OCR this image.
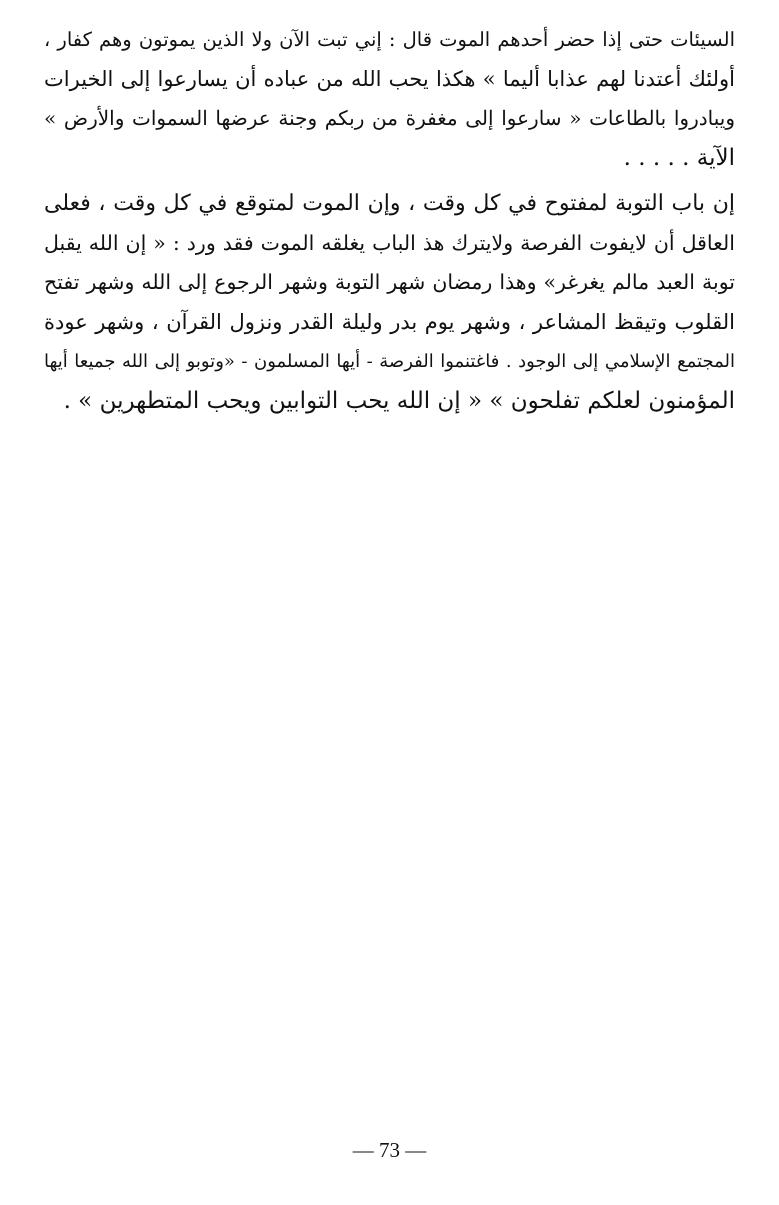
السيئات حتى إذا حضر أحدهم الموت قال : إني تبت الآن ولا الذين يموتون وهم كفار ،
أولئك أعتدنا لهم عذابا أليما » هكذا يحب الله من عباده أن يسارعوا إلى الخيرات
ويبادروا بالطاعات « سارعوا إلى مغفرة من ربكم وجنة عرضها السموات والأرض »
الآية . . . . .

إن باب التوبة لمفتوح في كل وقت ، وإن الموت لمتوقع في كل وقت ، فعلى
العاقل أن لايفوت الفرصة ولايترك هذ الباب يغلقه الموت فقد ورد : « إن الله يقبل
توبة العبد مالم يغرغر» وهذا رمضان شهر التوبة وشهر الرجوع إلى الله وشهر تفتح
القلوب وتيقظ المشاعر ، وشهر يوم بدر وليلة القدر ونزول القرآن ، وشهر عودة
المجتمع الإسلامي إلى الوجود . فاغتنموا الفرصة - أيها المسلمون - «وتوبو إلى الله جميعا أيها
المؤمنون لعلكم تفلحون » « إن الله يحب التوابين ويحب المتطهرين » .

— 73 —
